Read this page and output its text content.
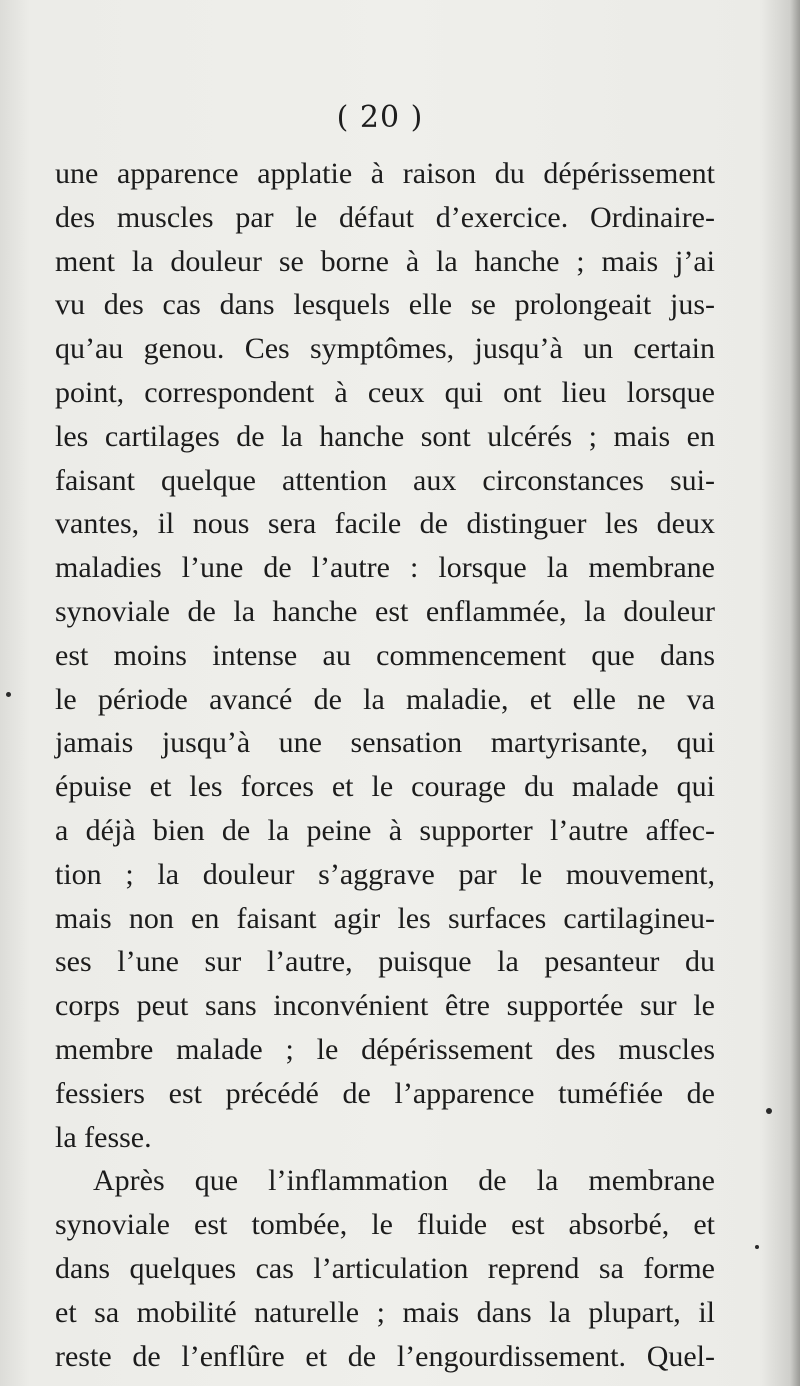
( 20 )
une apparence applatie à raison du dépérissement
des muscles par le défaut d’exercice. Ordinaire-
ment la douleur se borne à la hanche ; mais j’ai
vu des cas dans lesquels elle se prolongeait jus-
qu’au genou. Ces symptômes, jusqu’à un certain
point, correspondent à ceux qui ont lieu lorsque
les cartilages de la hanche sont ulcérés ; mais en
faisant quelque attention aux circonstances sui-
vantes, il nous sera facile de distinguer les deux
maladies l’une de l’autre : lorsque la membrane
synoviale de la hanche est enflammée, la douleur
est moins intense au commencement que dans
le période avancé de la maladie, et elle ne va
jamais jusqu’à une sensation martyrisante, qui
épuise et les forces et le courage du malade qui
a déjà bien de la peine à supporter l’autre affec-
tion ; la douleur s’aggrave par le mouvement,
mais non en faisant agir les surfaces cartilagineu-
ses l’une sur l’autre, puisque la pesanteur du
corps peut sans inconvénient être supportée sur le
membre malade ; le dépérissement des muscles
fessiers est précédé de l’apparence tuméfiée de
la fesse.
Après que l’inflammation de la membrane
synoviale est tombée, le fluide est absorbé, et
dans quelques cas l’articulation reprend sa forme
et sa mobilité naturelle ; mais dans la plupart, il
reste de l’enflûre et de l’engourdissement. Quel-
